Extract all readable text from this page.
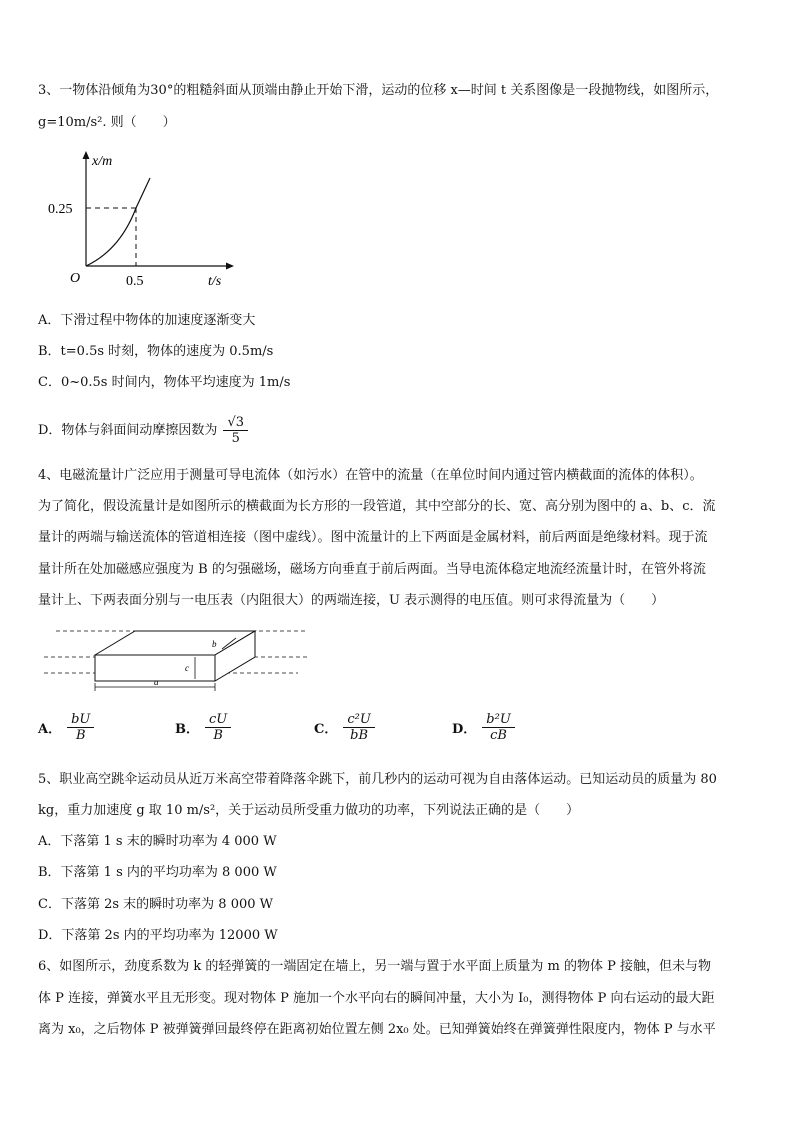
3、一物体沿倾角为30°的粗糙斜面从顶端由静止开始下滑，运动的位移 x—时间 t 关系图像是一段抛物线，如图所示，
g=10m/s². 则（　　）
x/m
t/s
O
0.25
0.5
A．下滑过程中物体的加速度逐渐变大
B．t=0.5s 时刻，物体的速度为 0.5m/s
C．0~0.5s 时间内，物体平均速度为 1m/s
D．物体与斜面间动摩擦因数为 $\frac{√3}{5}$
4、电磁流量计广泛应用于测量可导电流体（如污水）在管中的流量（在单位时间内通过管内横截面的流体的体积）。
为了简化，假设流量计是如图所示的横截面为长方形的一段管道，其中空部分的长、宽、高分别为图中的 a、b、c．流
量计的两端与输送流体的管道相连接（图中虚线）。图中流量计的上下两面是金属材料，前后两面是绝缘材料。现于流
量计所在处加磁感应强度为 B 的匀强磁场，磁场方向垂直于前后两面。当导电流体稳定地流经流量计时，在管外将流
量计上、下两表面分别与一电压表（内阻很大）的两端连接，U 表示测得的电压值。则可求得流量为（　　）
b
c
a
A． $\frac{bU}{B}$	B． $\frac{cU}{B}$	C． $\frac{\text{c²U}}{bB}$	D． $\frac{\text{b²U}}{cB}$
5、职业高空跳伞运动员从近万米高空带着降落伞跳下，前几秒内的运动可视为自由落体运动。已知运动员的质量为 80
kg，重力加速度 g 取 10 m/s²，关于运动员所受重力做功的功率，下列说法正确的是（　　）
A．下落第 1 s 末的瞬时功率为 4 000 W
B．下落第 1 s 内的平均功率为 8 000 W
C．下落第 2s 末的瞬时功率为 8 000 W
D．下落第 2s 内的平均功率为 12000 W
6、如图所示，劲度系数为 k 的轻弹簧的一端固定在墙上，另一端与置于水平面上质量为 m 的物体 P 接触，但未与物
体 P 连接，弹簧水平且无形变。现对物体 P 施加一个水平向右的瞬间冲量，大小为 I₀，测得物体 P 向右运动的最大距
离为 x₀，之后物体 P 被弹簧弹回最终停在距离初始位置左侧 2x₀ 处。已知弹簧始终在弹簧弹性限度内，物体 P 与水平
